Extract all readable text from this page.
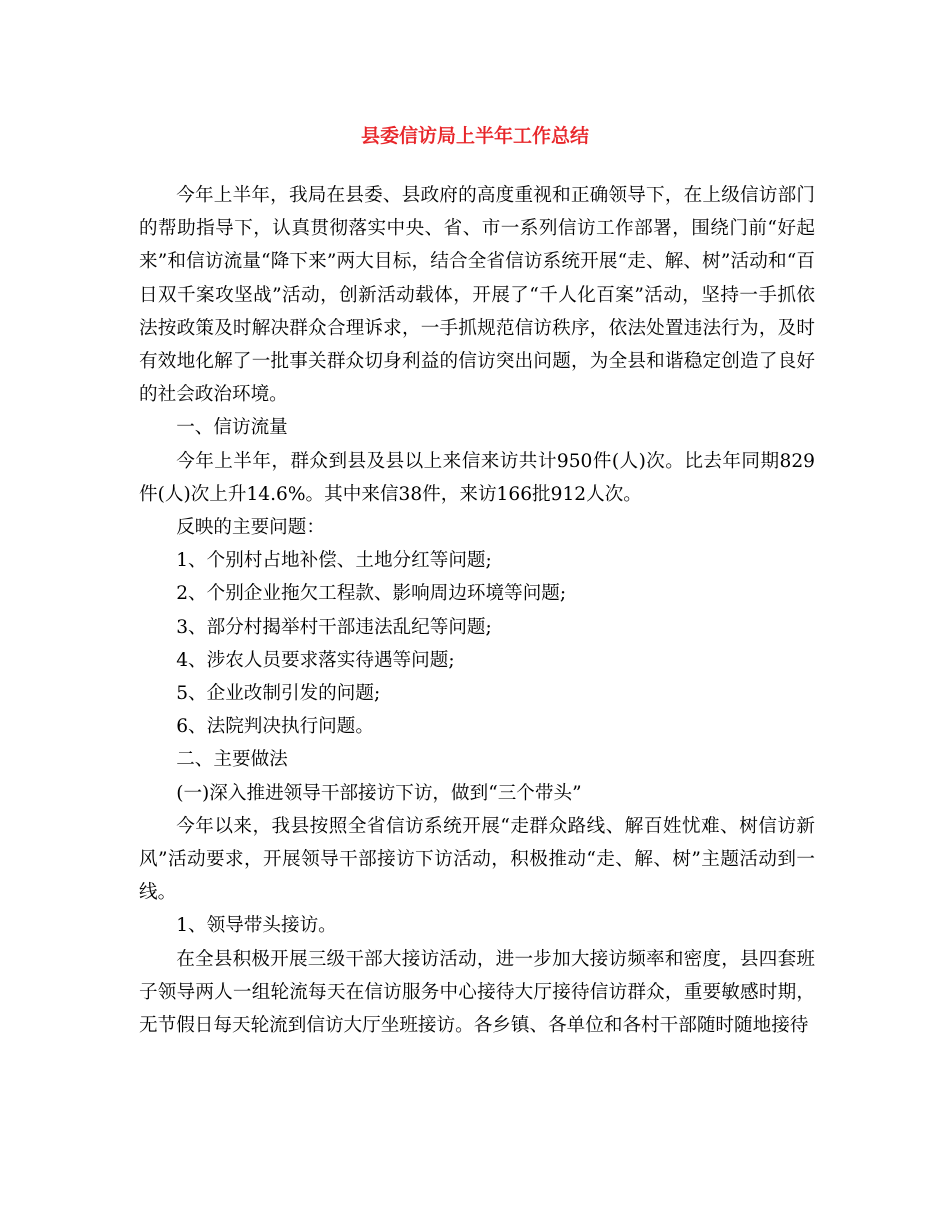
县委信访局上半年工作总结

今年上半年，我局在县委、县政府的高度重视和正确领导下，在上级信访部门的帮助指导下，认真贯彻落实中央、省、市一系列信访工作部署，围绕门前“好起来”和信访流量“降下来”两大目标，结合全省信访系统开展“走、解、树”活动和“百日双千案攻坚战”活动，创新活动载体，开展了“千人化百案”活动，坚持一手抓依法按政策及时解决群众合理诉求，一手抓规范信访秩序，依法处置违法行为，及时有效地化解了一批事关群众切身利益的信访突出问题，为全县和谐稳定创造了良好的社会政治环境。

一、信访流量

今年上半年，群众到县及县以上来信来访共计950件(人)次。比去年同期829件(人)次上升14.6%。其中来信38件，来访166批912人次。

反映的主要问题：

1、个别村占地补偿、土地分红等问题;

2、个别企业拖欠工程款、影响周边环境等问题;

3、部分村揭举村干部违法乱纪等问题;

4、涉农人员要求落实待遇等问题;

5、企业改制引发的问题;

6、法院判决执行问题。

二、主要做法

(一)深入推进领导干部接访下访，做到“三个带头”

今年以来，我县按照全省信访系统开展“走群众路线、解百姓忧难、树信访新风”活动要求，开展领导干部接访下访活动，积极推动“走、解、树”主题活动到一线。

1、领导带头接访。

在全县积极开展三级干部大接访活动，进一步加大接访频率和密度，县四套班子领导两人一组轮流每天在信访服务中心接待大厅接待信访群众，重要敏感时期，无节假日每天轮流到信访大厅坐班接访。各乡镇、各单位和各村干部随时随地接待
